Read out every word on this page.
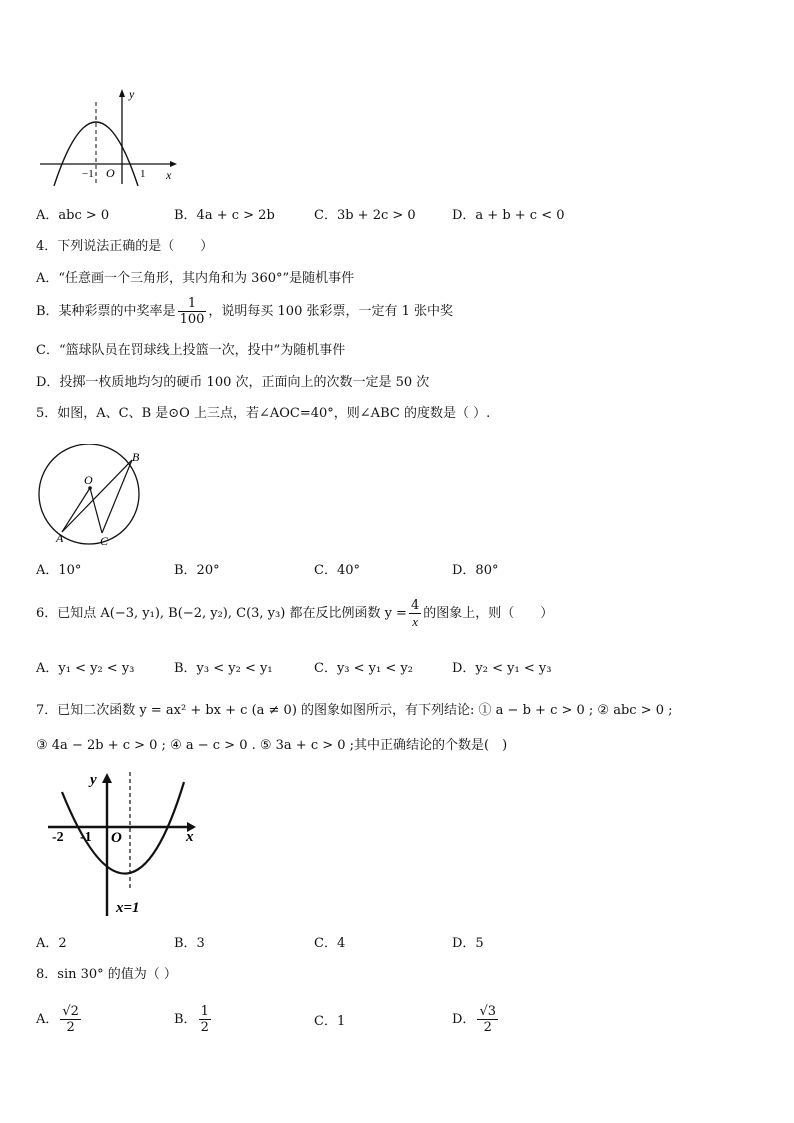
y
x
−1 O 1
A．abc > 0	B．4a + c > 2b	C．3b + 2c > 0	D．a + b + c < 0
4．下列说法正确的是（　　）
A．“任意画一个三角形，其内角和为 360°”是随机事件
B．某种彩票的中奖率是 $\frac{1}{100}$ ，说明每买 100 张彩票，一定有 1 张中奖
C．“篮球队员在罚球线上投篮一次，投中”为随机事件
D．投掷一枚质地均匀的硬币 100 次，正面向上的次数一定是 50 次
5．如图，A、C、B 是⊙O 上三点，若∠AOC=40°，则∠ABC 的度数是（ ）.
O
B
A	C
A．10°	B．20°	C．40°	D．80°
6．已知点 A(−3, y₁), B(−2, y₂), C(3, y₃) 都在反比例函数 $y = \frac{4}{x}$ 的图象上，则（　　）
A．y₁ < y₂ < y₃	B．y₃ < y₂ < y₁	C．y₃ < y₁ < y₂	D．y₂ < y₁ < y₃
7．已知二次函数 y = ax² + bx + c (a ≠ 0) 的图象如图所示，有下列结论: ① a − b + c > 0 ; ② abc > 0 ;
③ 4a − 2b + c > 0 ; ④ a − c > 0 . ⑤ 3a + c > 0 ;其中正确结论的个数是(　)
y
x
-2 -1 O
x=1
A．2	B．3	C．4	D．5
8．sin 30° 的值为（ ）
A． $\frac{√2}{2}$	B． $\frac{1}{2}$	C．1	D． $\frac{√3}{2}$
